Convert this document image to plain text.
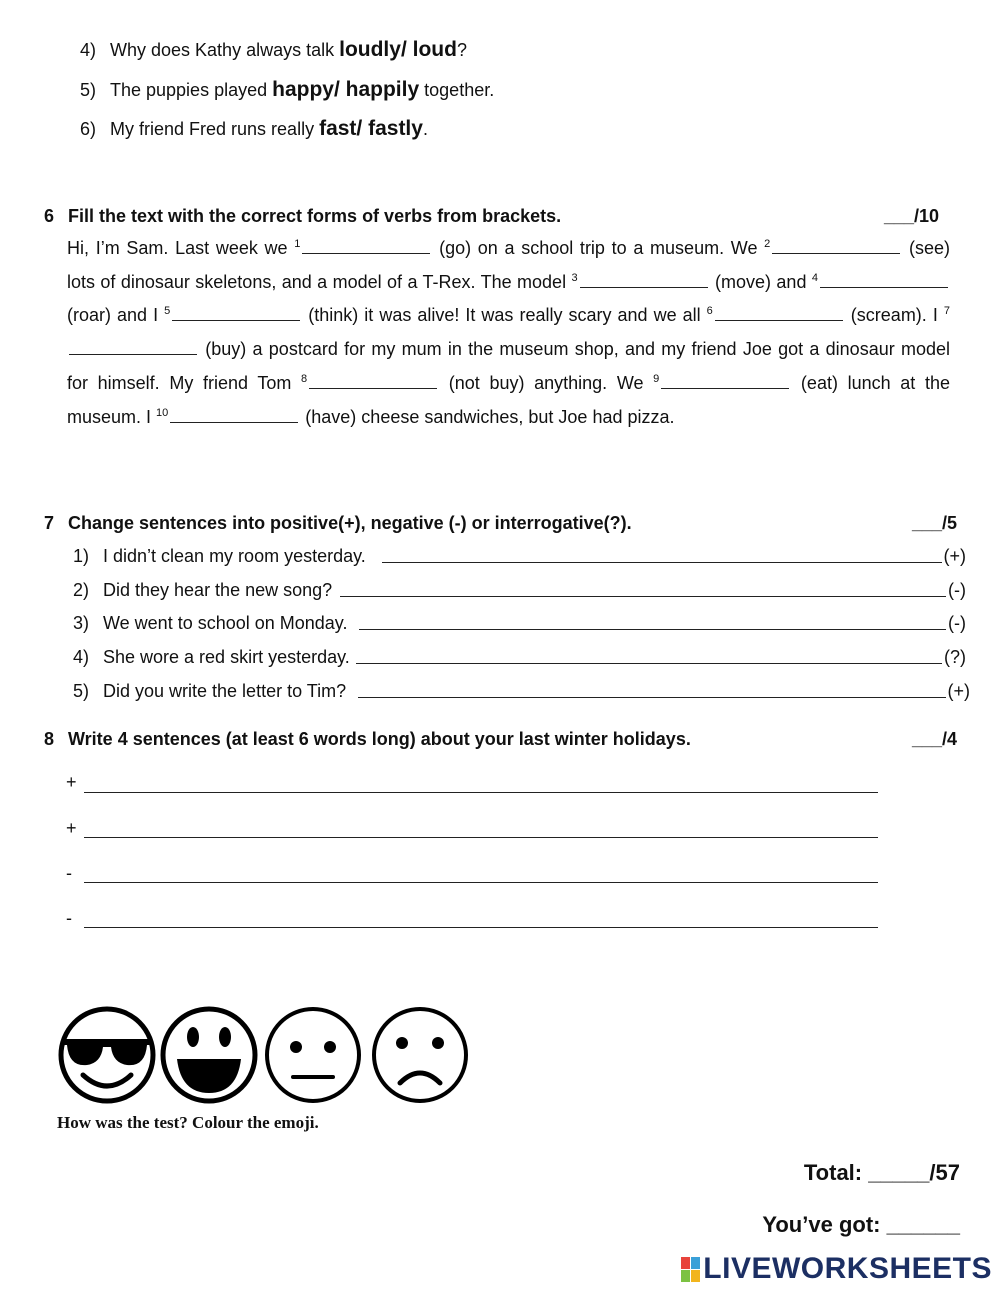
4) Why does Kathy always talk loudly/ loud?
5) The puppies played happy/ happily together.
6) My friend Fred runs really fast/ fastly.
6 Fill the text with the correct forms of verbs from brackets.	___/10
Hi, I’m Sam. Last week we $^1$	(go) on a school trip to a museum. We $^2$	(see) lots of dinosaur skeletons, and a model of a T-Rex. The model $^3$	(move) and $^4$ (roar) and I $^5$	(think) it was alive! It was really scary and we all $^6$	(scream). I $^7$ (buy) a postcard for my mum in the museum shop, and my friend Joe got a dinosaur model for himself. My friend Tom $^8$	(not buy) anything. We $^9$	(eat) lunch at the museum. I $^{10}$	(have) cheese sandwiches, but Joe had pizza.
7 Change sentences into positive(+), negative (-) or interrogative(?).	___/5
1) I didn’t clean my room yesterday.	(+)
2) Did they hear the new song?	(-)
3) We went to school on Monday.	(-)
4) She wore a red skirt yesterday.	(?)
5) Did you write the letter to Tim?	(+)
8 Write 4 sentences (at least 6 words long) about your last winter holidays.	___/4
+
+
-
-
How was the test? Colour the emoji.
Total: _____/57
You’ve got: ______
LIVEWORKSHEETS
